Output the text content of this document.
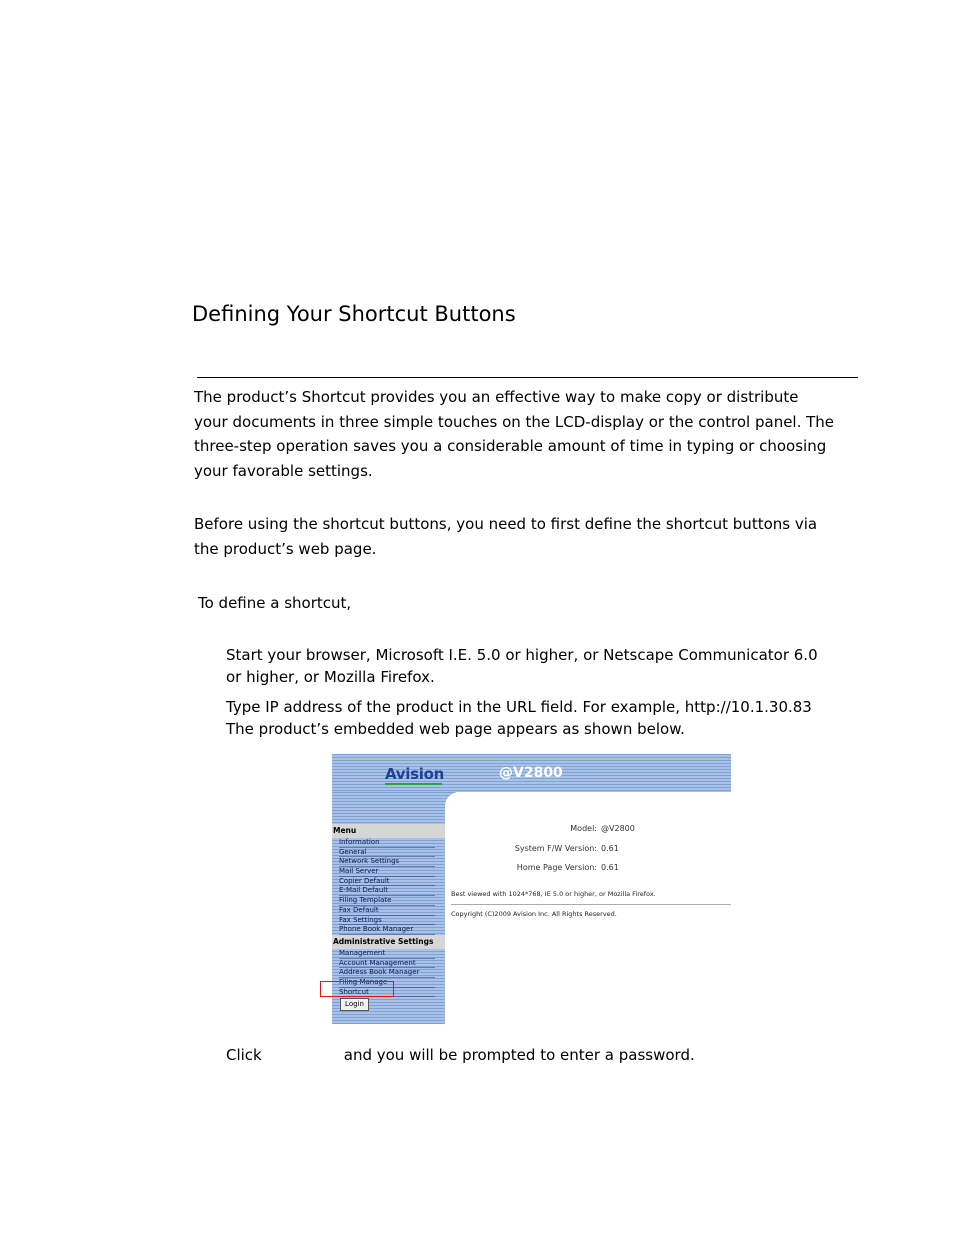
Defining Your Shortcut Buttons
The product’s Shortcut provides you an effective way to make copy or distribute
your documents in three simple touches on the LCD-display or the control panel. The
three-step operation saves you a considerable amount of time in typing or choosing
your favorable settings.
Before using the shortcut buttons, you need to first define the shortcut buttons via
the product’s web page.
To define a shortcut,
Start your browser, Microsoft I.E. 5.0 or higher, or Netscape Communicator 6.0
or higher, or Mozilla Firefox.
Type IP address of the product in the URL field. For example, http://10.1.30.83
The product’s embedded web page appears as shown below.
Avision	@V2800
Menu
Information
General
Network Settings
Mail Server
Copier Default
E-Mail Default
Filing Template
Fax Default
Fax Settings
Phone Book Manager
Administrative Settings
Management
Account Management
Address Book Manager
Filing Manage
Shortcut
Login
Model: @V2800
System F/W Version: 0.61
Home Page Version: 0.61
Best viewed with 1024*768, IE 5.0 or higher, or Mozilla Firefox.
Copyright (C)2009 Avision Inc. All Rights Reserved.
Click	and you will be prompted to enter a password.
